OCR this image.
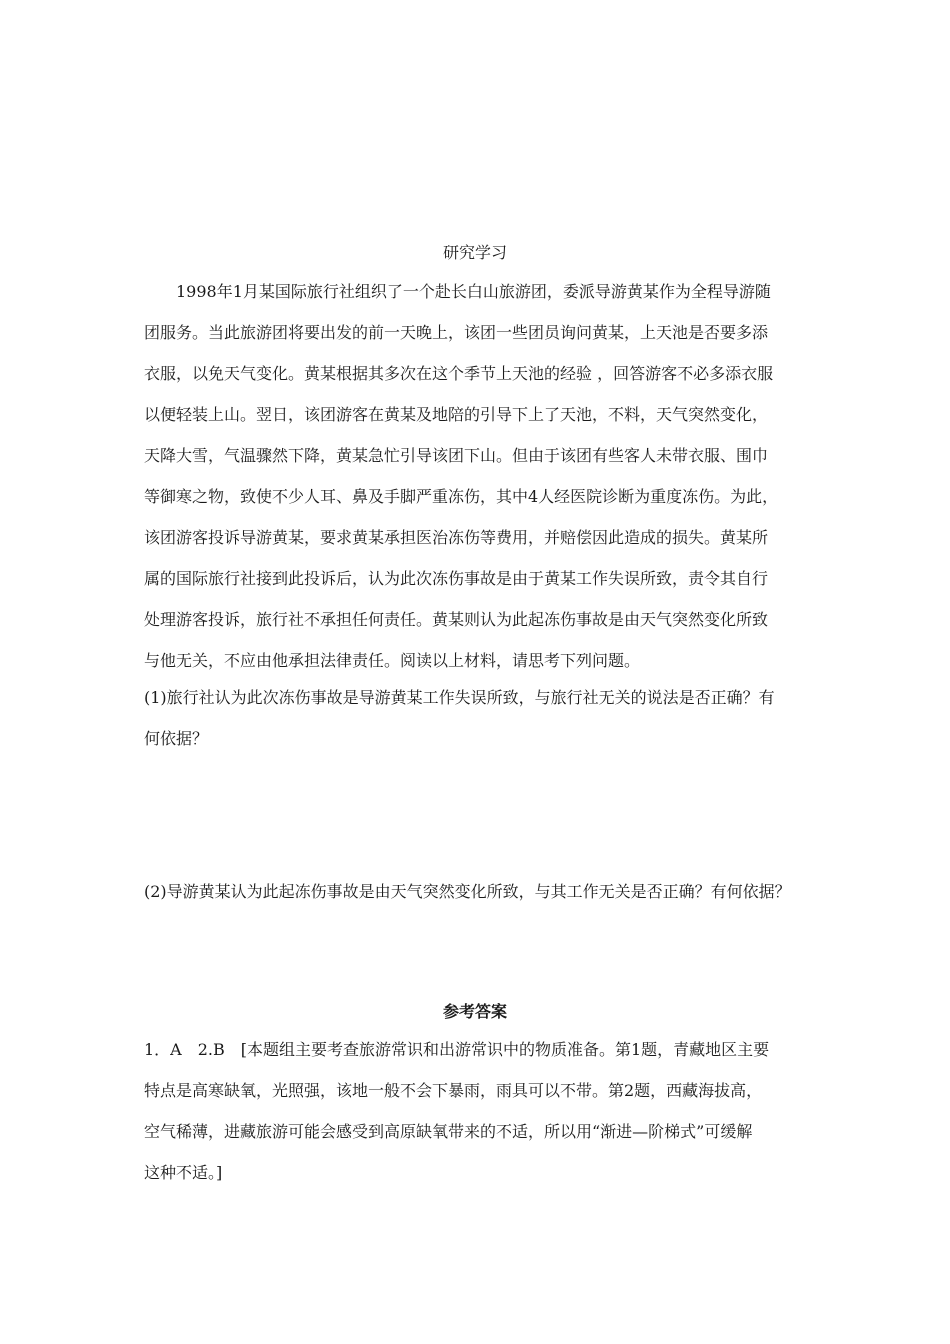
研究学习
1998年1月某国际旅行社组织了一个赴长白山旅游团，委派导游黄某作为全程导游随
团服务。当此旅游团将要出发的前一天晚上，该团一些团员询问黄某，上天池是否要多添
衣服，以免天气变化。黄某根据其多次在这个季节上天池的经验 ，回答游客不必多添衣服
以便轻装上山。翌日，该团游客在黄某及地陪的引导下上了天池，不料，天气突然变化，
天降大雪，气温骤然下降，黄某急忙引导该团下山。但由于该团有些客人未带衣服、围巾
等御寒之物，致使不少人耳、鼻及手脚严重冻伤，其中4人经医院诊断为重度冻伤。为此，
该团游客投诉导游黄某，要求黄某承担医治冻伤等费用，并赔偿因此造成的损失。黄某所
属的国际旅行社接到此投诉后，认为此次冻伤事故是由于黄某工作失误所致，责令其自行
处理游客投诉，旅行社不承担任何责任。黄某则认为此起冻伤事故是由天气突然变化所致
与他无关，不应由他承担法律责任。阅读以上材料，请思考下列问题。
(1)旅行社认为此次冻伤事故是导游黄某工作失误所致，与旅行社无关的说法是否正确？有
何依据？
(2)导游黄某认为此起冻伤事故是由天气突然变化所致，与其工作无关是否正确？有何依据？
参考答案
1．A　2.B　[本题组主要考查旅游常识和出游常识中的物质准备。第1题，青藏地区主要
特点是高寒缺氧，光照强，该地一般不会下暴雨，雨具可以不带。第2题，西藏海拔高，
空气稀薄，进藏旅游可能会感受到高原缺氧带来的不适，所以用“渐进—阶梯式”可缓解
这种不适。]
